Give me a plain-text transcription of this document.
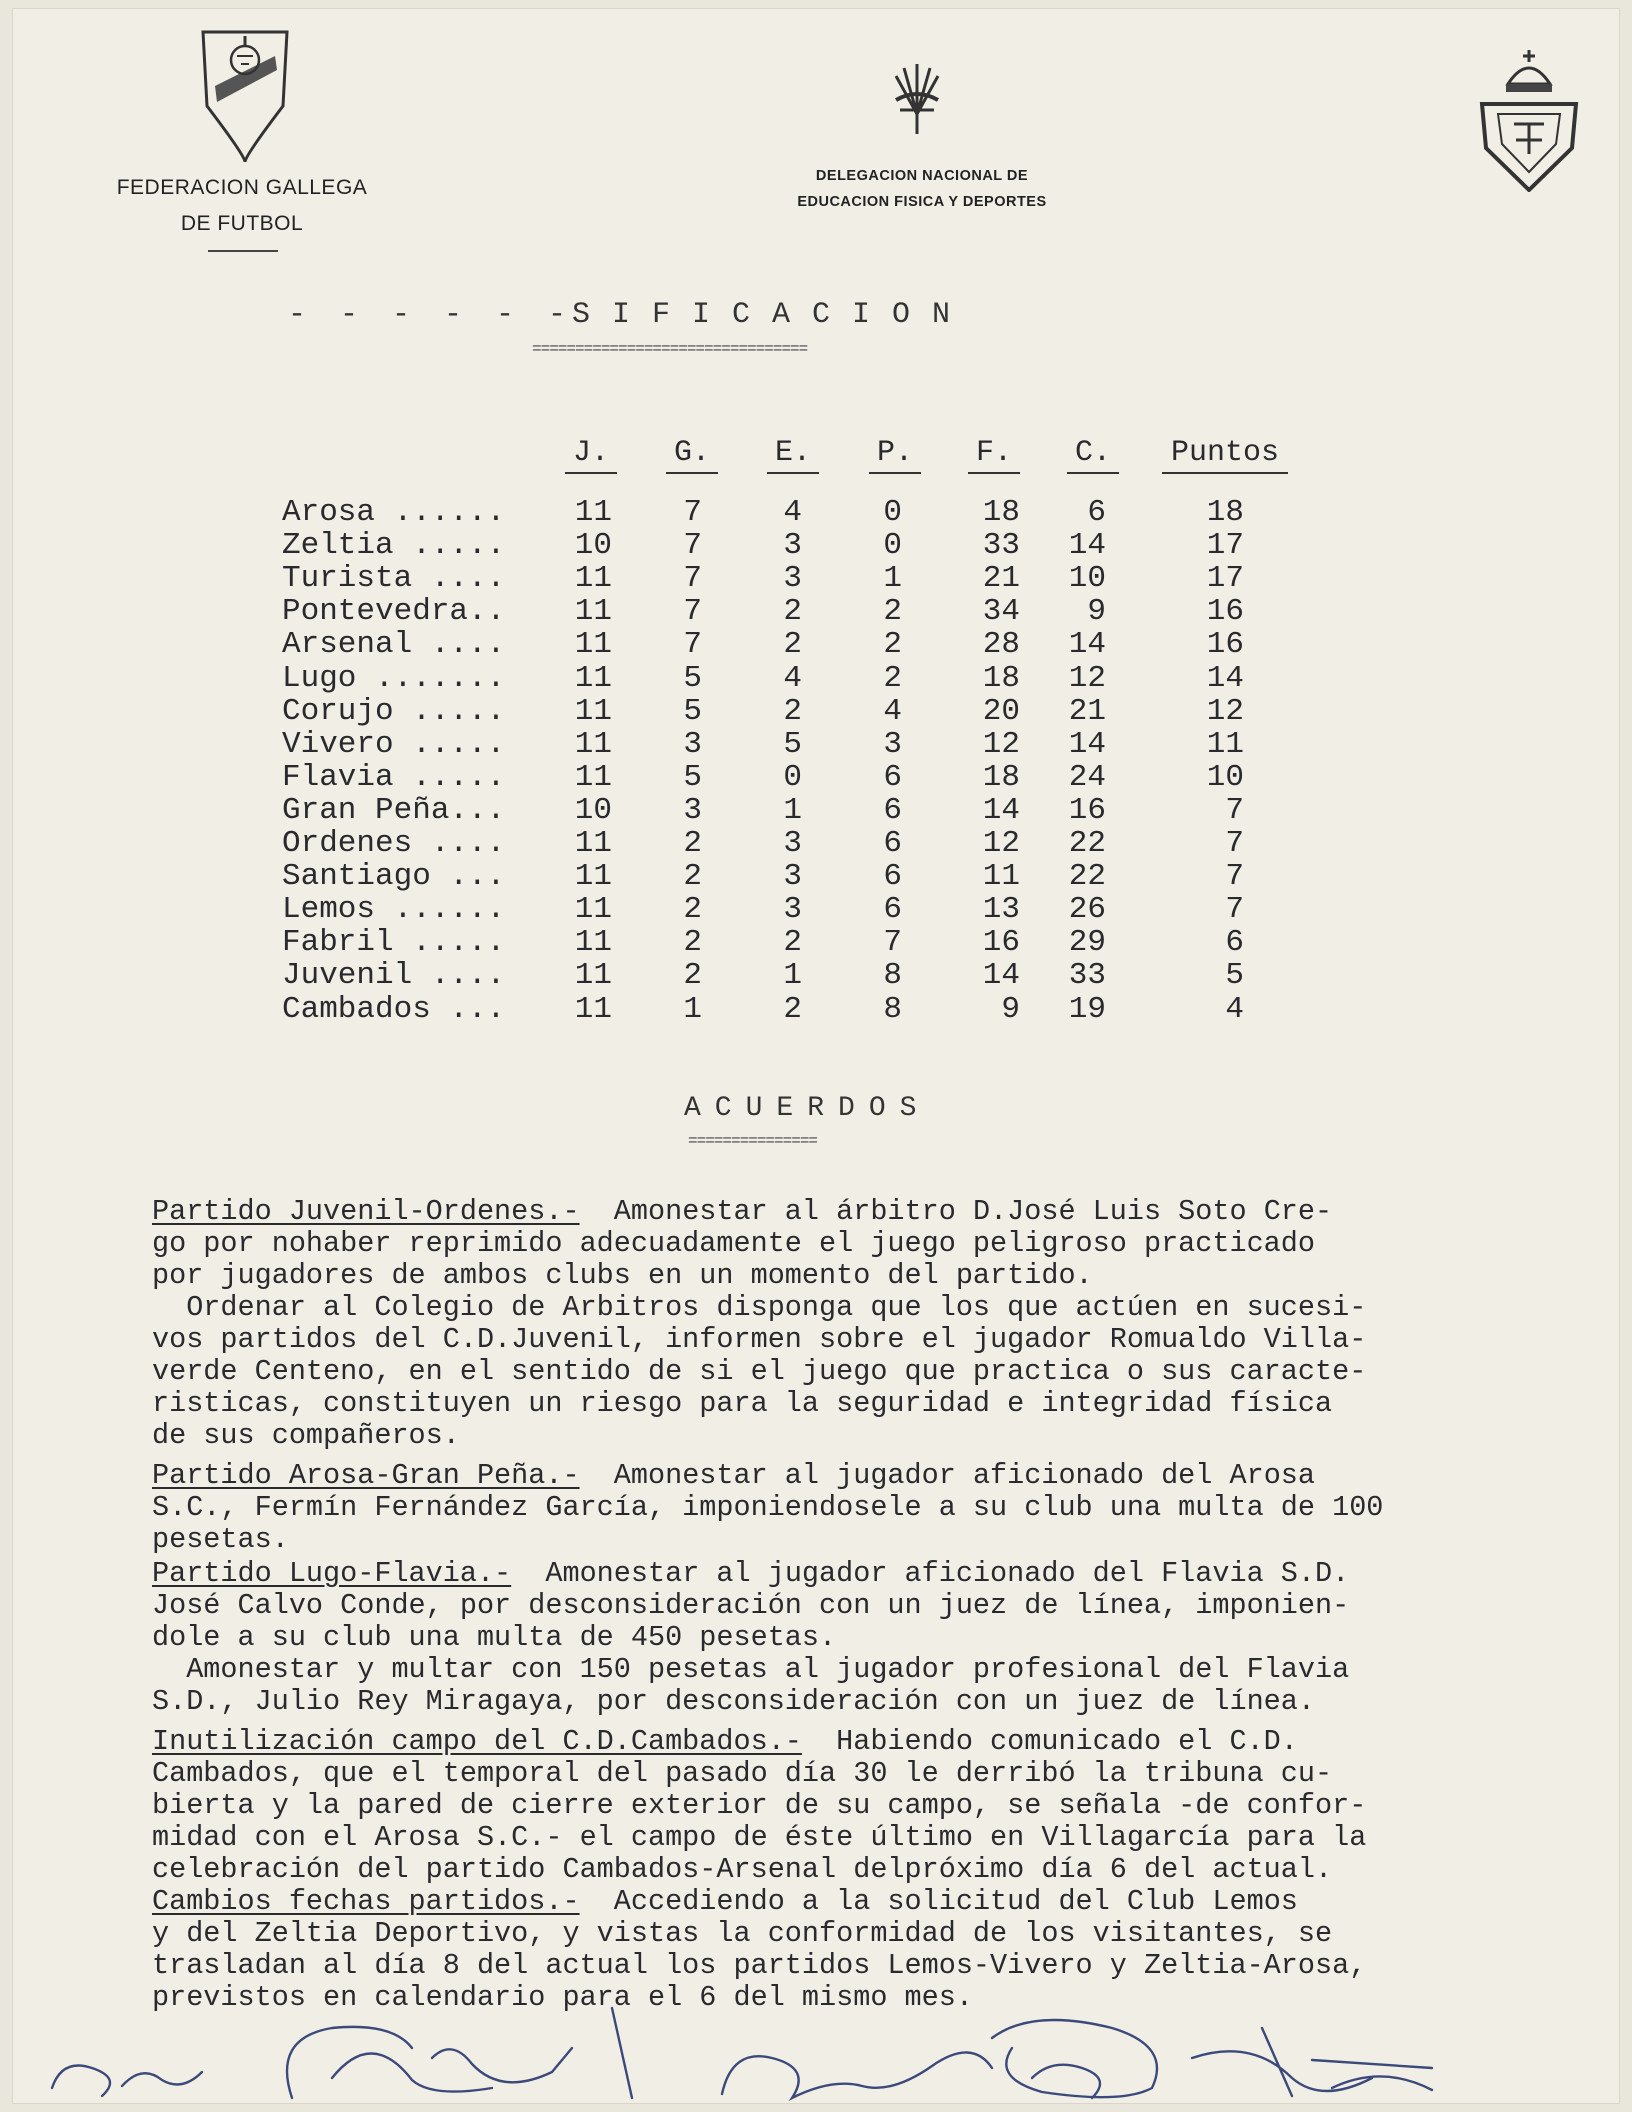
FEDERACION GALLEGA
DE FUTBOL
DELEGACION NACIONAL DE
EDUCACION FISICA Y DEPORTES
- - - - - -
SIFICACION
================================
J. G. E. P. F. C. Puntos
Arosa ......	11	7	4	0	18	6	18
Zeltia .....	10	7	3	0	33	14	17
Turista ....	11	7	3	1	21	10	17
Pontevedra..	11	7	2	2	34	9	16
Arsenal ....	11	7	2	2	28	14	16
Lugo .......	11	5	4	2	18	12	14
Corujo .....	11	5	2	4	20	21	12
Vivero .....	11	3	5	3	12	14	11
Flavia .....	11	5	0	6	18	24	10
Gran Peña...	10	3	1	6	14	16	7
Ordenes ....	11	2	3	6	12	22	7
Santiago ...	11	2	3	6	11	22	7
Lemos ......	11	2	3	6	13	26	7
Fabril .....	11	2	2	7	16	29	6
Juvenil ....	11	2	1	8	14	33	5
Cambados ...	11	1	2	8	9	19	4
ACUERDOS
===============
Partido Juvenil-Ordenes.-  Amonestar al árbitro D.José Luis Soto Cre-
go por nohaber reprimido adecuadamente el juego peligroso practicado
por jugadores de ambos clubs en un momento del partido.
Ordenar al Colegio de Arbitros disponga que los que actúen en sucesi-
vos partidos del C.D.Juvenil, informen sobre el jugador Romualdo Villa-
verde Centeno, en el sentido de si el juego que practica o sus caracte-
risticas, constituyen un riesgo para la seguridad e integridad física
de sus compañeros.
Partido Arosa-Gran Peña.-  Amonestar al jugador aficionado del Arosa
S.C., Fermín Fernández García, imponiendosele a su club una multa de 100
pesetas.
Partido Lugo-Flavia.-  Amonestar al jugador aficionado del Flavia S.D.
José Calvo Conde, por desconsideración con un juez de línea, imponien-
dole a su club una multa de 450 pesetas.
Amonestar y multar con 150 pesetas al jugador profesional del Flavia
S.D., Julio Rey Miragaya, por desconsideración con un juez de línea.
Inutilización campo del C.D.Cambados.-  Habiendo comunicado el C.D.
Cambados, que el temporal del pasado día 30 le derribó la tribuna cu-
bierta y la pared de cierre exterior de su campo, se señala -de confor-
midad con el Arosa S.C.- el campo de éste último en Villagarcía para la
celebración del partido Cambados-Arsenal delpróximo día 6 del actual.
Cambios fechas partidos.-  Accediendo a la solicitud del Club Lemos
y del Zeltia Deportivo, y vistas la conformidad de los visitantes, se
trasladan al día 8 del actual los partidos Lemos-Vivero y Zeltia-Arosa,
previstos en calendario para el 6 del mismo mes.
